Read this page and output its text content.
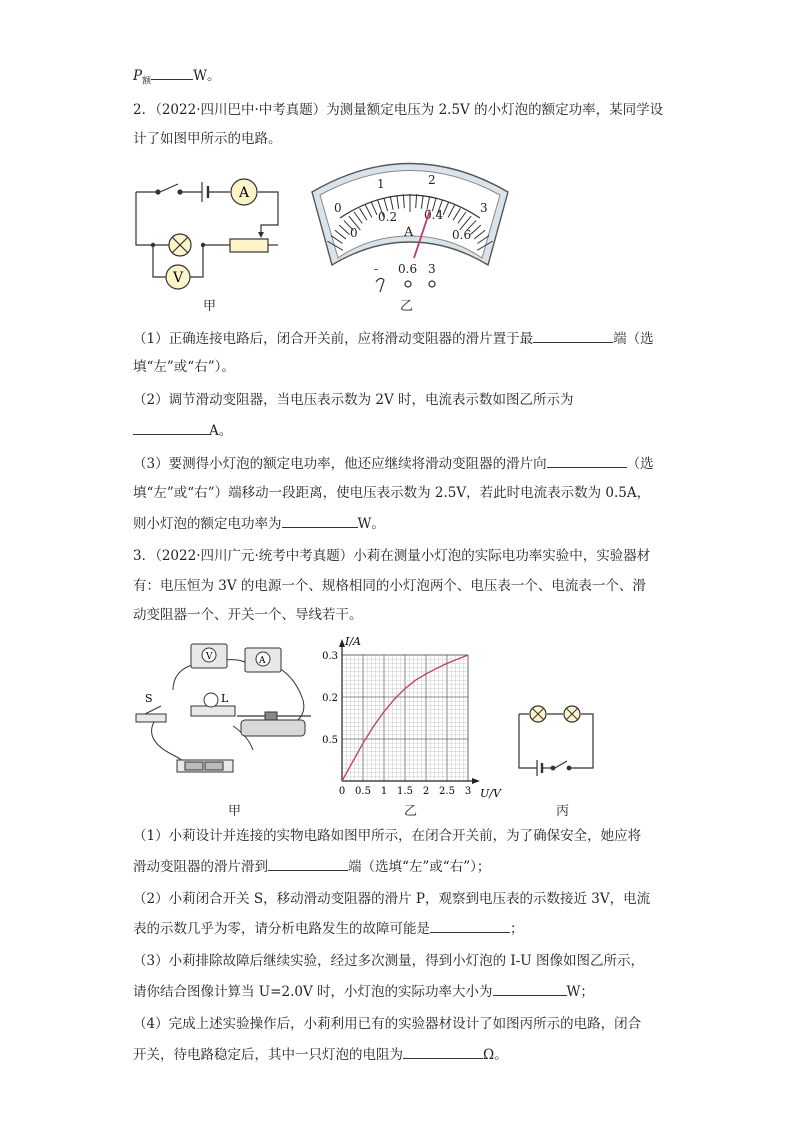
$P_额$	W。
2．（2022·四川巴中·中考真题）为测量额定电压为 2.5V 的小灯泡的额定功率，某同学设
计了如图甲所示的电路。
A
V
甲
0
1	2
3
0
0.2 0.4
0.6
A
- 0.6 3
乙
（1）正确连接电路后，闭合开关前，应将滑动变阻器的滑片置于最	端（选
填“左”或“右”）。
（2）调节滑动变阻器，当电压表示数为 2V 时，电流表示数如图乙所示为
A。
（3）要测得小灯泡的额定电功率，他还应继续将滑动变阻器的滑片向	（选
填“左”或“右”）端移动一段距离，使电压表示数为 2.5V，若此时电流表示数为 0.5A，
则小灯泡的额定电功率为	W。
3．（2022·四川广元·统考中考真题）小莉在测量小灯泡的实际电功率实验中，实验器材
有：电压恒为 3V 的电源一个、规格相同的小灯泡两个、电压表一个、电流表一个、滑
动变阻器一个、开关一个、导线若干。
V	A
L
S
甲
I/A
U/V
0 0.5 1 1.5 2 2.5 3
0.5
0.2
0.3
乙	丙
（1）小莉设计并连接的实物电路如图甲所示，在闭合开关前，为了确保安全，她应将
滑动变阻器的滑片滑到	端（选填“左”或“右”）；
（2）小莉闭合开关 S，移动滑动变阻器的滑片 P，观察到电压表的示数接近 3V，电流
表的示数几乎为零，请分析电路发生的故障可能是	；
（3）小莉排除故障后继续实验，经过多次测量，得到小灯泡的 I-U 图像如图乙所示，
请你结合图像计算当 U=2.0V 时，小灯泡的实际功率大小为	W；
（4）完成上述实验操作后，小莉利用已有的实验器材设计了如图丙所示的电路，闭合
开关，待电路稳定后，其中一只灯泡的电阻为	Ω。
